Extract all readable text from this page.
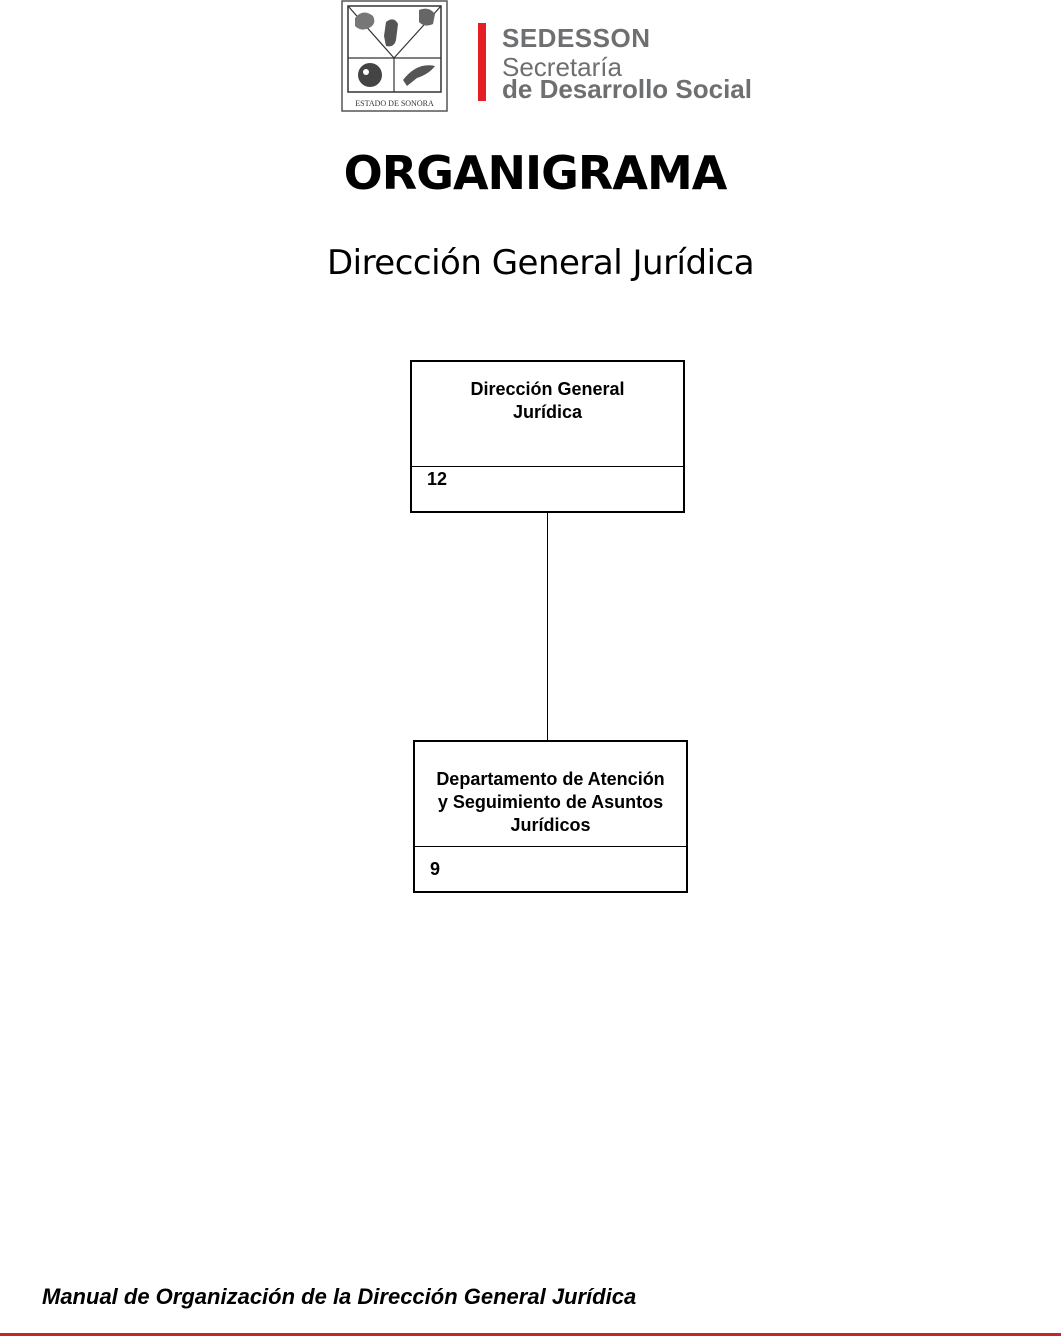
ESTADO DE SONORA
SEDESSON
Secretaría
de Desarrollo Social
ORGANIGRAMA
Dirección General Jurídica
Dirección General
Jurídica
12
Departamento de Atención
y Seguimiento de Asuntos
Jurídicos
9
Manual de Organización de la Dirección General Jurídica
